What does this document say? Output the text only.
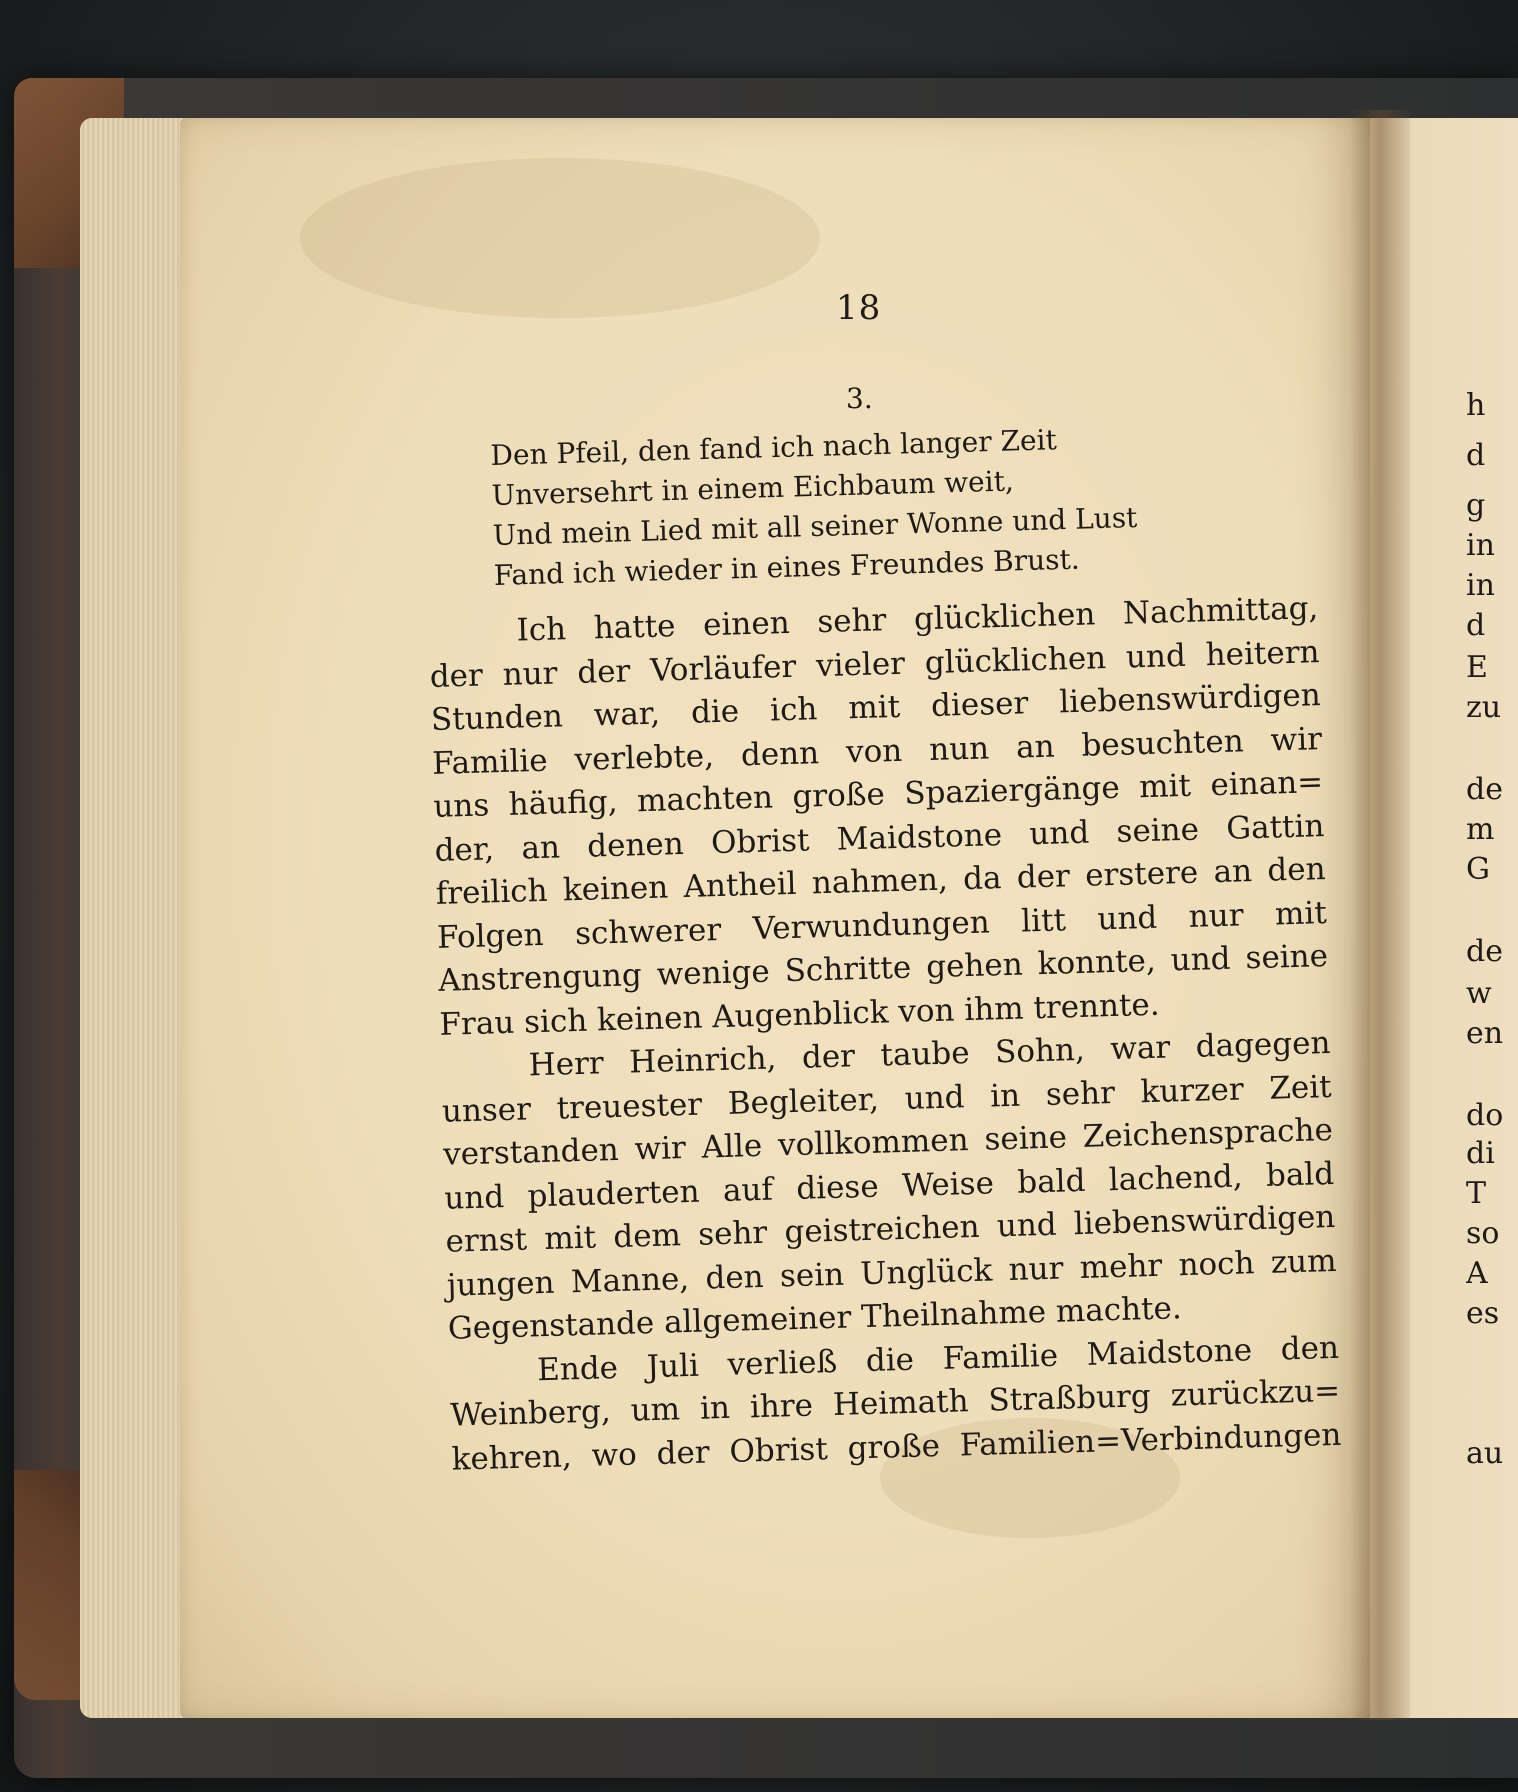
18
3.
Den Pfeil, den fand ich nach langer Zeit
Unversehrt in einem Eichbaum weit,
Und mein Lied mit all seiner Wonne und Lust
Fand ich wieder in eines Freundes Brust.

Ich hatte einen sehr glücklichen Nachmittag,
der nur der Vorläufer vieler glücklichen und heitern
Stunden war, die ich mit dieser liebenswürdigen
Familie verlebte, denn von nun an besuchten wir
uns häufig, machten große Spaziergänge mit einan=
der, an denen Obrist Maidstone und seine Gattin
freilich keinen Antheil nahmen, da der erstere an den
Folgen schwerer Verwundungen litt und nur mit
Anstrengung wenige Schritte gehen konnte, und seine
Frau sich keinen Augenblick von ihm trennte.

Herr Heinrich, der taube Sohn, war dagegen
unser treuester Begleiter, und in sehr kurzer Zeit
verstanden wir Alle vollkommen seine Zeichensprache
und plauderten auf diese Weise bald lachend, bald
ernst mit dem sehr geistreichen und liebenswürdigen
jungen Manne, den sein Unglück nur mehr noch zum
Gegenstande allgemeiner Theilnahme machte.

Ende Juli verließ die Familie Maidstone den
Weinberg, um in ihre Heimath Straßburg zurückzu=
kehren, wo der Obrist große Familien=Verbindungen

h
d
g
in
in
d
E
zu
de
m
G
de
w
en
do
di
T
so
A
es
au
